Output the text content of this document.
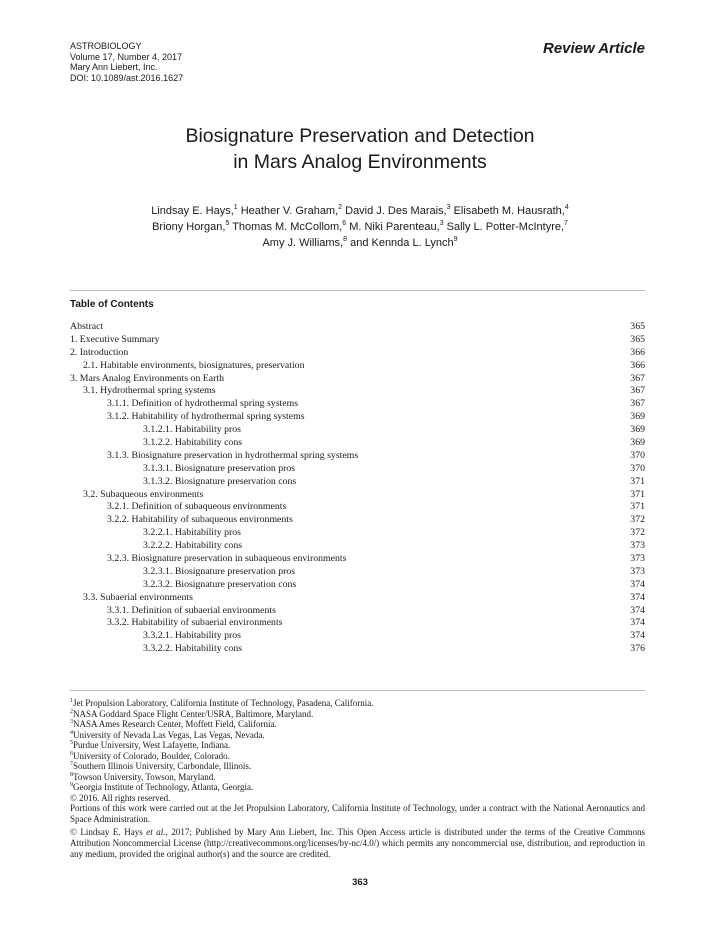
ASTROBIOLOGY
Volume 17, Number 4, 2017
Mary Ann Liebert, Inc.
DOI: 10.1089/ast.2016.1627
Review Article
Biosignature Preservation and Detection
in Mars Analog Environments
Lindsay E. Hays,$^1$ Heather V. Graham,$^2$ David J. Des Marais,$^3$ Elisabeth M. Hausrath,$^4$
Briony Horgan,$^5$ Thomas M. McCollom,$^6$ M. Niki Parenteau,$^3$ Sally L. Potter-McIntyre,$^7$
Amy J. Williams,$^8$ and Kennda L. Lynch$^9$
Table of Contents
Abstract	365
1. Executive Summary	365
2. Introduction	366
2.1. Habitable environments, biosignatures, preservation	366
3. Mars Analog Environments on Earth	367
3.1. Hydrothermal spring systems	367
3.1.1. Definition of hydrothermal spring systems	367
3.1.2. Habitability of hydrothermal spring systems	369
3.1.2.1. Habitability pros	369
3.1.2.2. Habitability cons	369
3.1.3. Biosignature preservation in hydrothermal spring systems	370
3.1.3.1. Biosignature preservation pros	370
3.1.3.2. Biosignature preservation cons	371
3.2. Subaqueous environments	371
3.2.1. Definition of subaqueous environments	371
3.2.2. Habitability of subaqueous environments	372
3.2.2.1. Habitability pros	372
3.2.2.2. Habitability cons	373
3.2.3. Biosignature preservation in subaqueous environments	373
3.2.3.1. Biosignature preservation pros	373
3.2.3.2. Biosignature preservation cons	374
3.3. Subaerial environments	374
3.3.1. Definition of subaerial environments	374
3.3.2. Habitability of subaerial environments	374
3.3.2.1. Habitability pros	374
3.3.2.2. Habitability cons	376
$^1$Jet Propulsion Laboratory, California Institute of Technology, Pasadena, California.
$^2$NASA Goddard Space Flight Center/USRA, Baltimore, Maryland.
$^3$NASA Ames Research Center, Moffett Field, California.
$^4$University of Nevada Las Vegas, Las Vegas, Nevada.
$^5$Purdue University, West Lafayette, Indiana.
$^6$University of Colorado, Boulder, Colorado.
$^7$Southern Illinois University, Carbondale, Illinois.
$^8$Towson University, Towson, Maryland.
$^9$Georgia Institute of Technology, Atlanta, Georgia.
© 2016. All rights reserved.
Portions of this work were carried out at the Jet Propulsion Laboratory, California Institute of Technology, under a contract with the National Aeronautics and Space Administration.
© Lindsay E. Hays et al., 2017; Published by Mary Ann Liebert, Inc. This Open Access article is distributed under the terms of the Creative Commons Attribution Noncommercial License (http://creativecommons.org/licenses/by-nc/4.0/) which permits any noncommercial use, distribution, and reproduction in any medium, provided the original author(s) and the source are credited.
363
